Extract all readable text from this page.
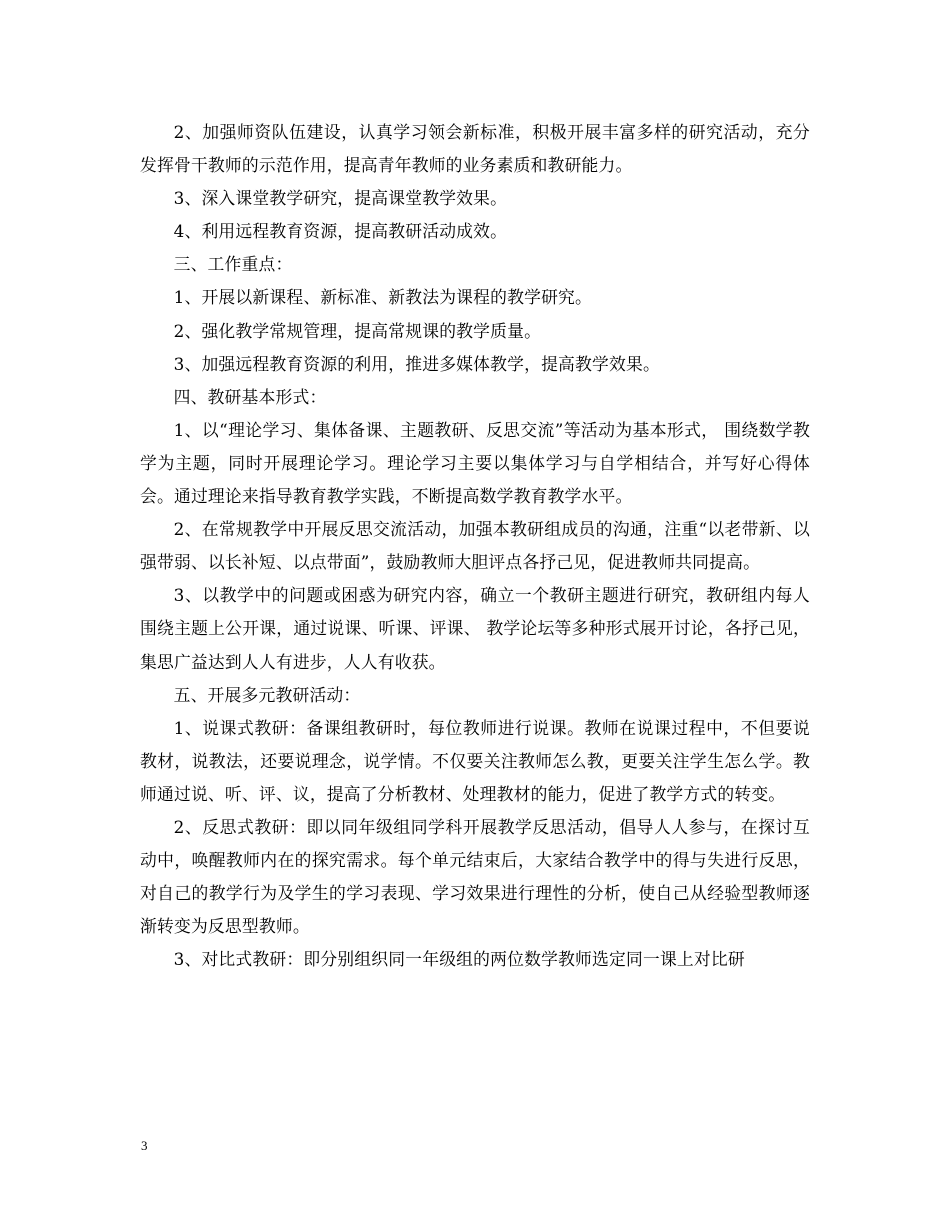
2、加强师资队伍建设，认真学习领会新标准，积极开展丰富多样的研究活动，充分发挥骨干教师的示范作用，提高青年教师的业务素质和教研能力。

3、深入课堂教学研究，提高课堂教学效果。

4、利用远程教育资源，提高教研活动成效。

三、工作重点：

1、开展以新课程、新标准、新教法为课程的教学研究。

2、强化教学常规管理，提高常规课的教学质量。

3、加强远程教育资源的利用，推进多媒体教学，提高教学效果。

四、教研基本形式：

1、以“理论学习、集体备课、主题教研、反思交流”等活动为基本形式， 围绕数学教学为主题，同时开展理论学习。理论学习主要以集体学习与自学相结合，并写好心得体会。通过理论来指导教育教学实践，不断提高数学教育教学水平。

2、在常规教学中开展反思交流活动，加强本教研组成员的沟通，注重“以老带新、以强带弱、以长补短、以点带面”，鼓励教师大胆评点各抒己见，促进教师共同提高。

3、以教学中的问题或困惑为研究内容，确立一个教研主题进行研究，教研组内每人围绕主题上公开课，通过说课、听课、评课、 教学论坛等多种形式展开讨论，各抒己见，集思广益达到人人有进步，人人有收获。

五、开展多元教研活动：

1、说课式教研：备课组教研时，每位教师进行说课。教师在说课过程中，不但要说教材，说教法，还要说理念，说学情。不仅要关注教师怎么教，更要关注学生怎么学。教师通过说、听、评、议，提高了分析教材、处理教材的能力，促进了教学方式的转变。

2、反思式教研：即以同年级组同学科开展教学反思活动，倡导人人参与，在探讨互动中，唤醒教师内在的探究需求。每个单元结束后，大家结合教学中的得与失进行反思，对自己的教学行为及学生的学习表现、学习效果进行理性的分析，使自己从经验型教师逐渐转变为反思型教师。

3、对比式教研：即分别组织同一年级组的两位数学教师选定同一课上对比研

3
